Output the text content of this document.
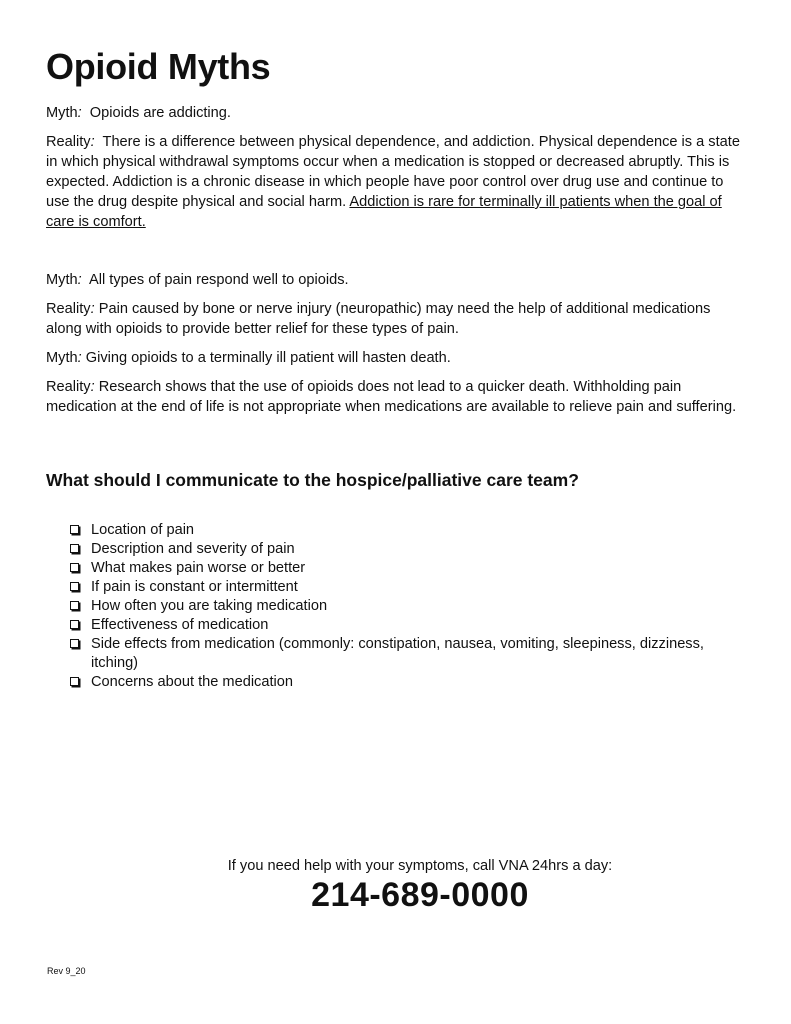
Opioid Myths

Myth: Opioids are addicting.

Reality: There is a difference between physical dependence, and addiction. Physical dependence is a state in which physical withdrawal symptoms occur when a medication is stopped or decreased abruptly. This is expected. Addiction is a chronic disease in which people have poor control over drug use and continue to use the drug despite physical and social harm. Addiction is rare for terminally ill patients when the goal of care is comfort.

Myth: All types of pain respond well to opioids.

Reality: Pain caused by bone or nerve injury (neuropathic) may need the help of additional medications along with opioids to provide better relief for these types of pain.

Myth: Giving opioids to a terminally ill patient will hasten death.

Reality: Research shows that the use of opioids does not lead to a quicker death. Withholding pain medication at the end of life is not appropriate when medications are available to relieve pain and suffering.

What should I communicate to the hospice/palliative care team?
Location of pain
Description and severity of pain
What makes pain worse or better
If pain is constant or intermittent
How often you are taking medication
Effectiveness of medication
Side effects from medication (commonly: constipation, nausea, vomiting, sleepiness, dizziness, itching)
Concerns about the medication

If you need help with your symptoms, call VNA 24hrs a day:

214-689-0000

Rev 9_20
